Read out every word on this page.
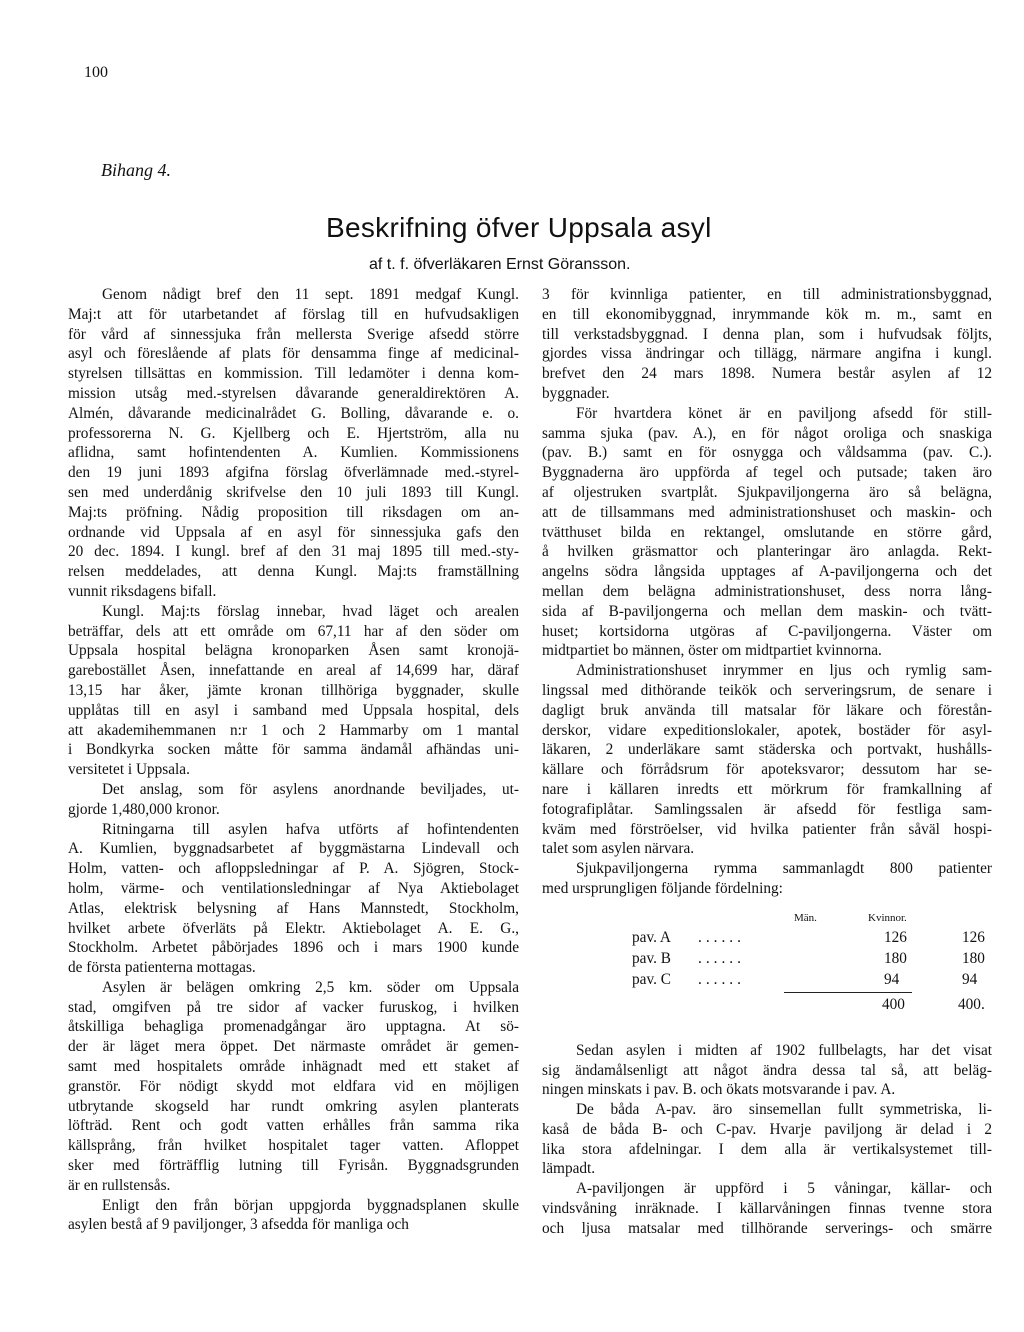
100
Bihang 4.
Beskrifning öfver Uppsala asyl
af t. f. öfverläkaren Ernst Göransson.
Genom nådigt bref den 11 sept. 1891 medgaf Kungl.
Maj:t att för utarbetandet af förslag till en hufvudsakligen
för vård af sinnessjuka från mellersta Sverige afsedd större
asyl och föreslående af plats för densamma finge af medicinal-
styrelsen tillsättas en kommission. Till ledamöter i denna kom-
mission utsåg med.-styrelsen dåvarande generaldirektören A.
Almén, dåvarande medicinalrådet G. Bolling, dåvarande e. o.
professorerna N. G. Kjellberg och E. Hjertström, alla nu
aflidna, samt hofintendenten A. Kumlien. Kommissionens
den 19 juni 1893 afgifna förslag öfverlämnade med.-styrel-
sen med underdånig skrifvelse den 10 juli 1893 till Kungl.
Maj:ts pröfning. Nådig proposition till riksdagen om an-
ordnande vid Uppsala af en asyl för sinnessjuka gafs den
20 dec. 1894. I kungl. bref af den 31 maj 1895 till med.-sty-
relsen meddelades, att denna Kungl. Maj:ts framställning
vunnit riksdagens bifall.
Kungl. Maj:ts förslag innebar, hvad läget och arealen
beträffar, dels att ett område om 67,11 har af den söder om
Uppsala hospital belägna kronoparken Åsen samt kronojä-
garebostället Åsen, innefattande en areal af 14,699 har, däraf
13,15 har åker, jämte kronan tillhöriga byggnader, skulle
upplåtas till en asyl i samband med Uppsala hospital, dels
att akademihemmanen n:r 1 och 2 Hammarby om 1 mantal
i Bondkyrka socken måtte för samma ändamål afhändas uni-
versitetet i Uppsala.
Det anslag, som för asylens anordnande beviljades, ut-
gjorde 1,480,000 kronor.
Ritningarna till asylen hafva utförts af hofintendenten
A. Kumlien, byggnadsarbetet af byggmästarna Lindevall och
Holm, vatten- och afloppsledningar af P. A. Sjögren, Stock-
holm, värme- och ventilationsledningar af Nya Aktiebolaget
Atlas, elektrisk belysning af Hans Mannstedt, Stockholm,
hvilket arbete öfverläts på Elektr. Aktiebolaget A. E. G.,
Stockholm. Arbetet påbörjades 1896 och i mars 1900 kunde
de första patienterna mottagas.
Asylen är belägen omkring 2,5 km. söder om Uppsala
stad, omgifven på tre sidor af vacker furuskog, i hvilken
åtskilliga behagliga promenadgångar äro upptagna. At sö-
der är läget mera öppet. Det närmaste området är gemen-
samt med hospitalets område inhägnadt med ett staket af
granstör. För nödigt skydd mot eldfara vid en möjligen
utbrytande skogseld har rundt omkring asylen planterats
löfträd. Rent och godt vatten erhålles från samma rika
källsprång, från hvilket hospitalet tager vatten. Afloppet
sker med förträfflig lutning till Fyrisån. Byggnadsgrunden
är en rullstensås.
Enligt den från början uppgjorda byggnadsplanen skulle
asylen bestå af 9 paviljonger, 3 afsedda för manliga och
3 för kvinnliga patienter, en till administrationsbyggnad,
en till ekonomibyggnad, inrymmande kök m. m., samt en
till verkstadsbyggnad. I denna plan, som i hufvudsak följts,
gjordes vissa ändringar och tillägg, närmare angifna i kungl.
brefvet den 24 mars 1898. Numera består asylen af 12
byggnader.
För hvartdera könet är en paviljong afsedd för still-
samma sjuka (pav. A.), en för något oroliga och snaskiga
(pav. B.) samt en för osnygga och våldsamma (pav. C.).
Byggnaderna äro uppförda af tegel och putsade; taken äro
af oljestruken svartplåt. Sjukpaviljongerna äro så belägna,
att de tillsammans med administrationshuset och maskin- och
tvätthuset bilda en rektangel, omslutande en större gård,
å hvilken gräsmattor och planteringar äro anlagda. Rekt-
angelns södra långsida upptages af A-paviljongerna och det
mellan dem belägna administrationshuset, dess norra lång-
sida af B-paviljongerna och mellan dem maskin- och tvätt-
huset; kortsidorna utgöras af C-paviljongerna. Väster om
midtpartiet bo männen, öster om midtpartiet kvinnorna.
Administrationshuset inrymmer en ljus och rymlig sam-
lingssal med dithörande teikök och serveringsrum, de senare i
dagligt bruk använda till matsalar för läkare och förestån-
derskor, vidare expeditionslokaler, apotek, bostäder för asyl-
läkaren, 2 underläkare samt städerska och portvakt, hushålls-
källare och förrådsrum för apoteksvaror; dessutom har se-
nare i källaren inredts ett mörkrum för framkallning af
fotografiplåtar. Samlingssalen är afsedd för festliga sam-
kväm med förströelser, vid hvilka patienter från såväl hospi-
talet som asylen närvara.
Sjukpaviljongerna rymma sammanlagdt 800 patienter
med ursprungligen följande fördelning:
Män.	Kvinnor.
pav. A ......	126	126
pav. B ......	180	180
pav. C ......	94	94
400	400.
Sedan asylen i midten af 1902 fullbelagts, har det visat
sig ändamålsenligt att något ändra dessa tal så, att beläg-
ningen minskats i pav. B. och ökats motsvarande i pav. A.
De båda A-pav. äro sinsemellan fullt symmetriska, li-
kaså de båda B- och C-pav. Hvarje paviljong är delad i 2
lika stora afdelningar. I dem alla är vertikalsystemet till-
lämpadt.
A-paviljongen är uppförd i 5 våningar, källar- och
vindsvåning inräknade. I källarvåningen finnas tvenne stora
och ljusa matsalar med tillhörande serverings- och smärre
